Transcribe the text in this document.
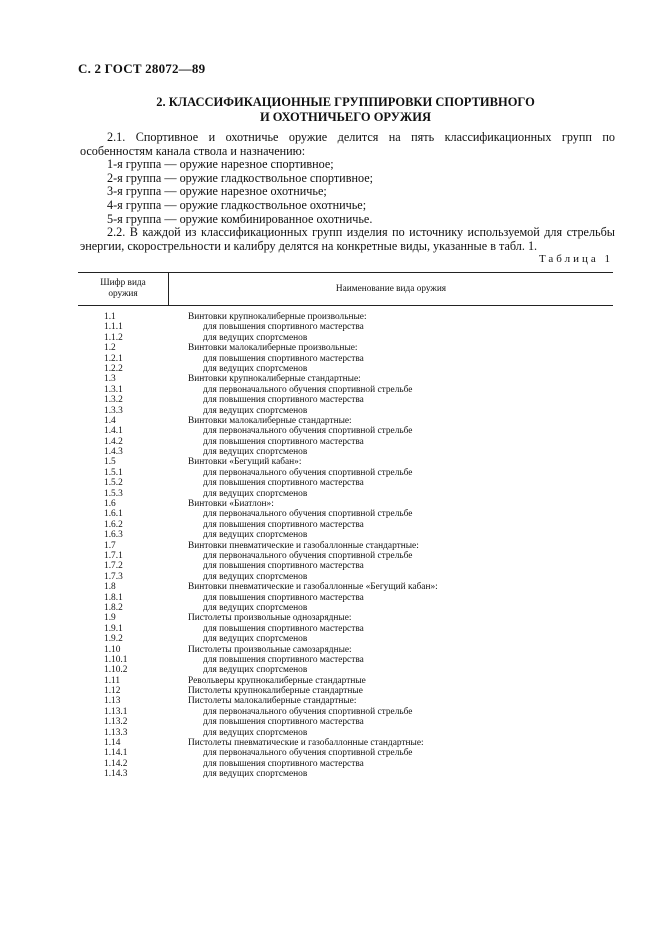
С. 2 ГОСТ 28072—89
2. КЛАССИФИКАЦИОННЫЕ ГРУППИРОВКИ СПОРТИВНОГО
И ОХОТНИЧЬЕГО ОРУЖИЯ

2.1. Спортивное и охотничье оружие делится на пять классификационных групп по особенностям канала ствола и назначению:

1-я группа — оружие нарезное спортивное;

2-я группа — оружие гладкоствольное спортивное;

3-я группа — оружие нарезное охотничье;

4-я группа — оружие гладкоствольное охотничье;

5-я группа — оружие комбинированное охотничье.

2.2. В каждой из классификационных групп изделия по источнику используемой для стрельбы энергии, скорострельности и калибру делятся на конкретные виды, указанные в табл. 1.

Таблица 1
Шифр вида
оружия	Наименование вида оружия
1.1	Винтовки крупнокалиберные произвольные:
1.1.1	для повышения спортивного мастерства
1.1.2	для ведущих спортсменов
1.2	Винтовки малокалиберные произвольные:
1.2.1	для повышения спортивного мастерства
1.2.2	для ведущих спортсменов
1.3	Винтовки крупнокалиберные стандартные:
1.3.1	для первоначального обучения спортивной стрельбе
1.3.2	для повышения спортивного мастерства
1.3.3	для ведущих спортсменов
1.4	Винтовки малокалиберные стандартные:
1.4.1	для первоначального обучения спортивной стрельбе
1.4.2	для повышения спортивного мастерства
1.4.3	для ведущих спортсменов
1.5	Винтовки «Бегущий кабан»:
1.5.1	для первоначального обучения спортивной стрельбе
1.5.2	для повышения спортивного мастерства
1.5.3	для ведущих спортсменов
1.6	Винтовки «Биатлон»:
1.6.1	для первоначального обучения спортивной стрельбе
1.6.2	для повышения спортивного мастерства
1.6.3	для ведущих спортсменов
1.7	Винтовки пневматические и газобаллонные стандартные:
1.7.1	для первоначального обучения спортивной стрельбе
1.7.2	для повышения спортивного мастерства
1.7.3	для ведущих спортсменов
1.8	Винтовки пневматические и газобаллонные «Бегущий кабан»:
1.8.1	для повышения спортивного мастерства
1.8.2	для ведущих спортсменов
1.9	Пистолеты произвольные однозарядные:
1.9.1	для повышения спортивного мастерства
1.9.2	для ведущих спортсменов
1.10	Пистолеты произвольные самозарядные:
1.10.1	для повышения спортивного мастерства
1.10.2	для ведущих спортсменов
1.11	Револьверы крупнокалиберные стандартные
1.12	Пистолеты крупнокалиберные стандартные
1.13	Пистолеты малокалиберные стандартные:
1.13.1	для первоначального обучения спортивной стрельбе
1.13.2	для повышения спортивного мастерства
1.13.3	для ведущих спортсменов
1.14	Пистолеты пневматические и газобаллонные стандартные:
1.14.1	для первоначального обучения спортивной стрельбе
1.14.2	для повышения спортивного мастерства
1.14.3	для ведущих спортсменов
